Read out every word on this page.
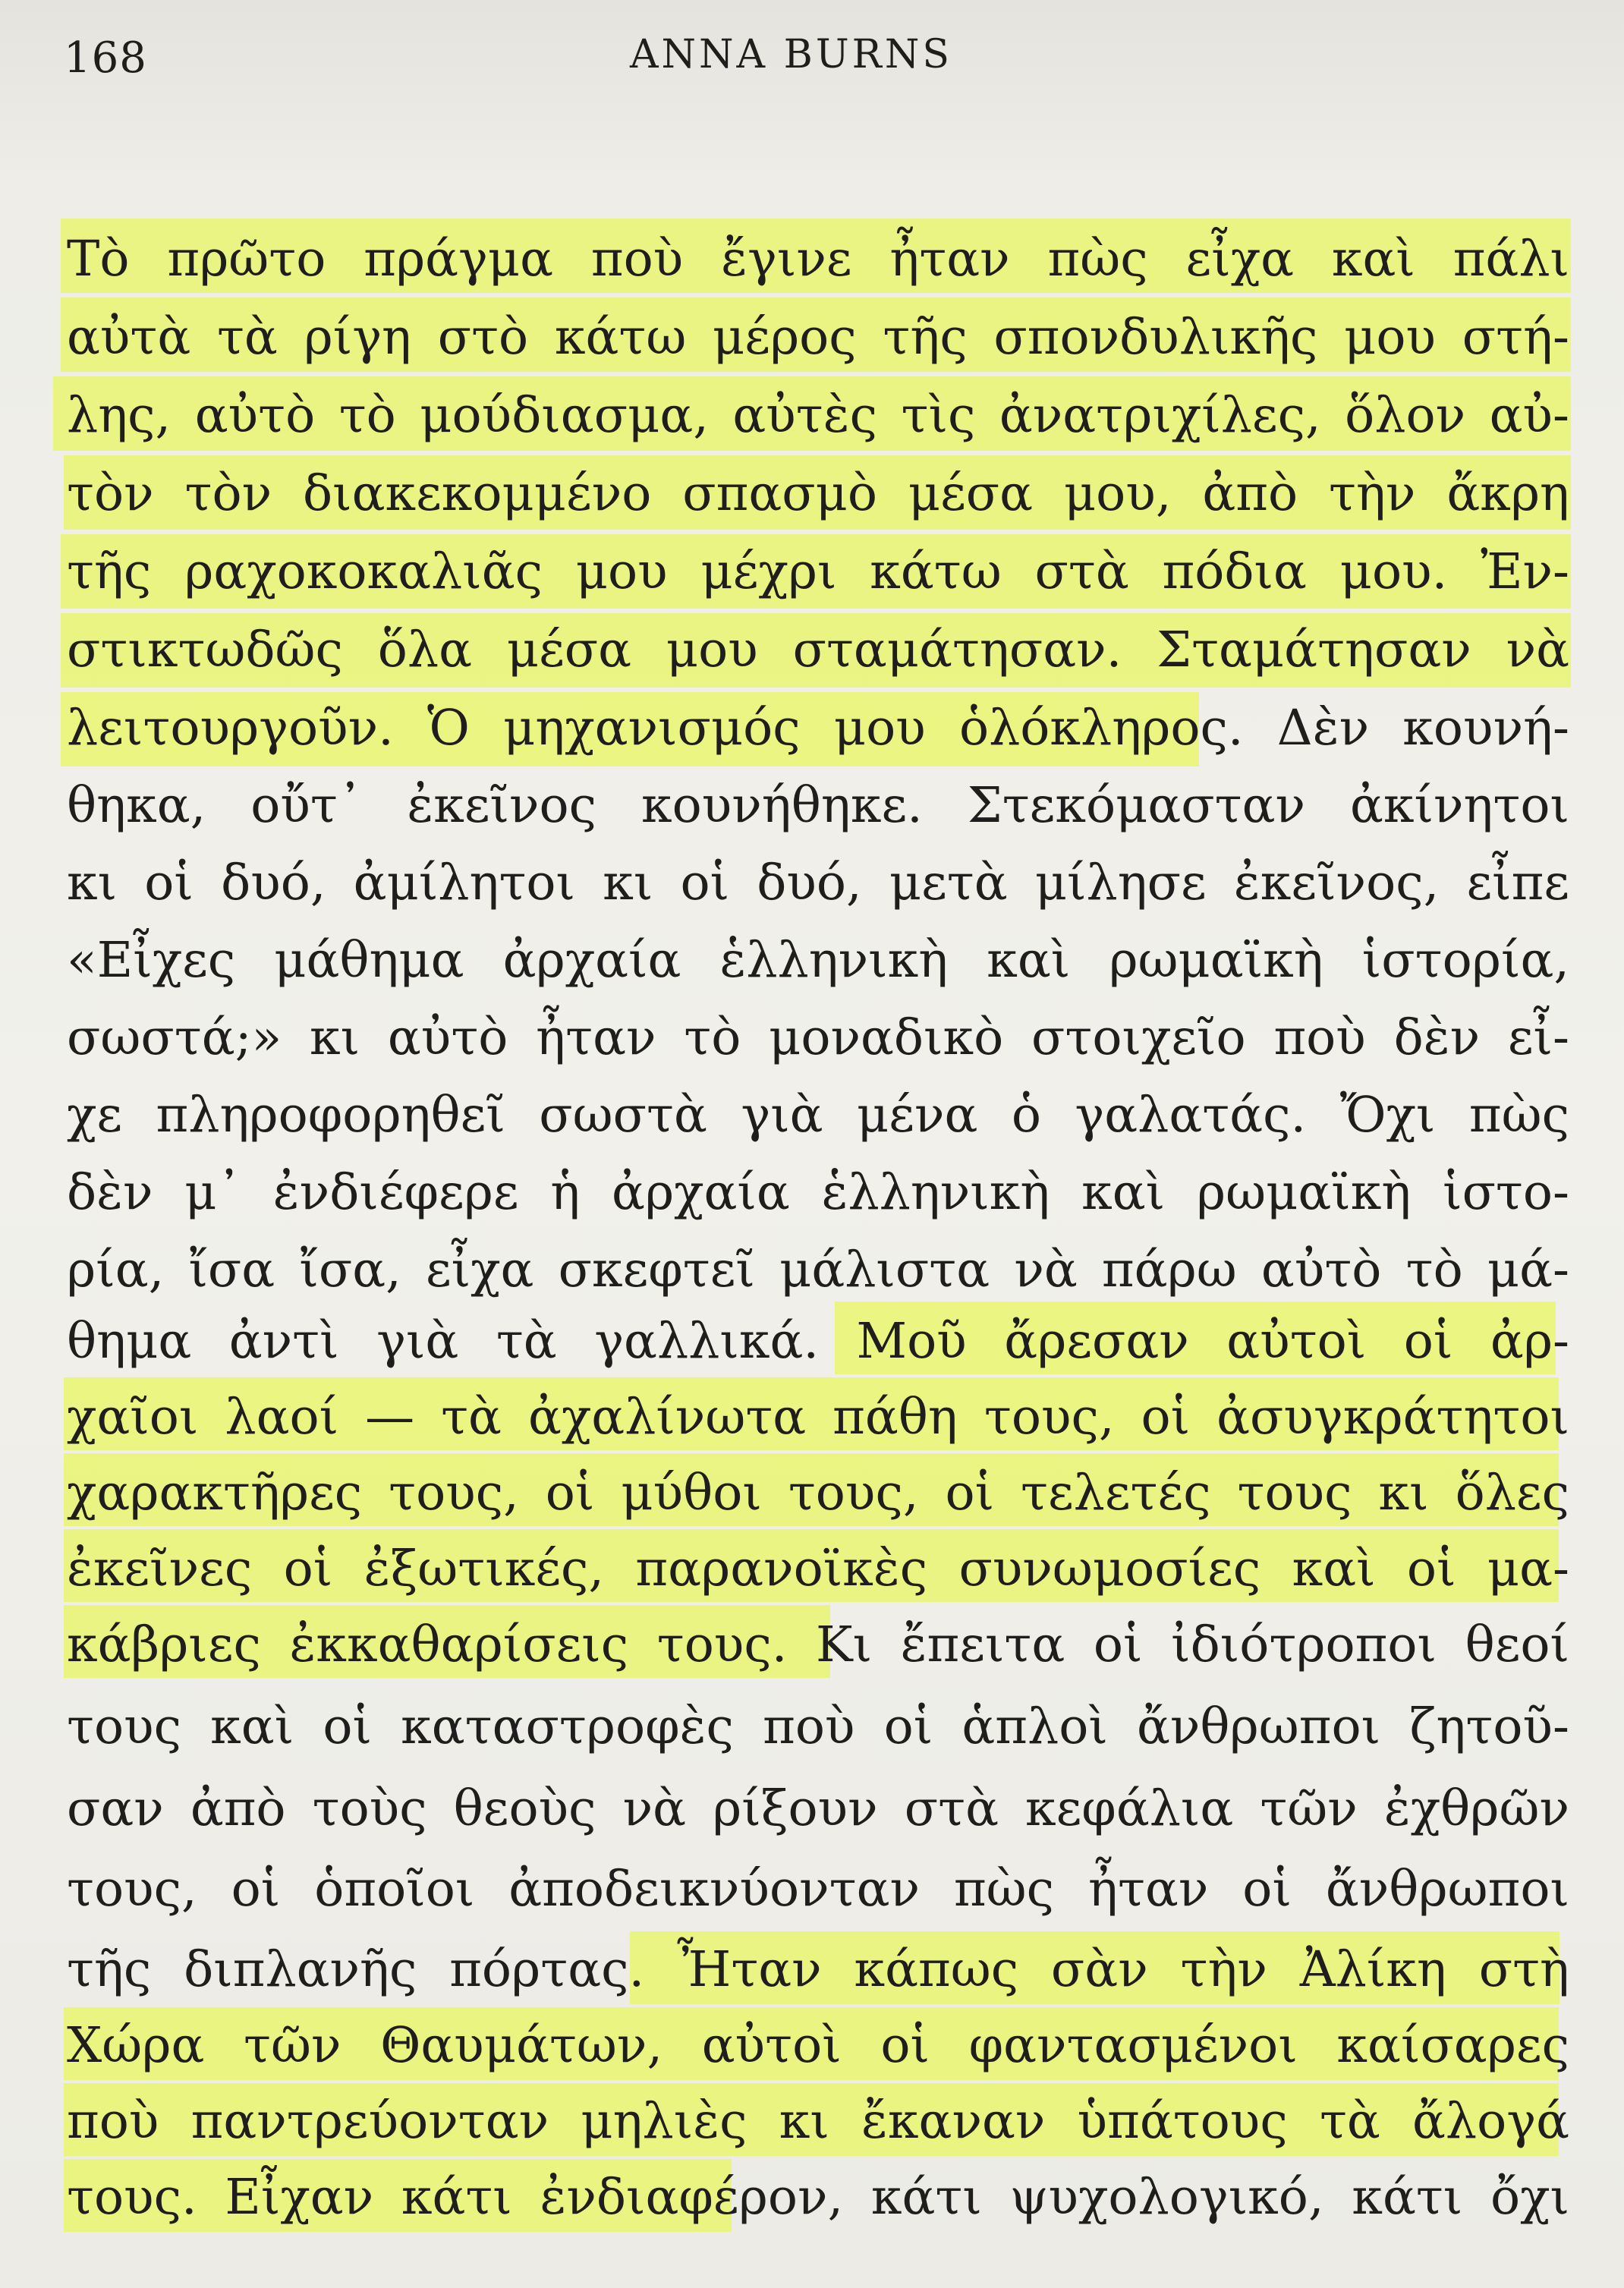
168	ANNA BURNS
Τὸ πρῶτο πράγμα ποὺ ἔγινε ἦταν πὼς εἶχα καὶ πάλι
αὐτὰ τὰ ρίγη στὸ κάτω μέρος τῆς σπονδυλικῆς μου στή-
λης, αὐτὸ τὸ μούδιασμα, αὐτὲς τὶς ἀνατριχίλες, ὅλον αὐ-
τὸν τὸν διακεκομμένο σπασμὸ μέσα μου, ἀπὸ τὴν ἄκρη
τῆς ραχοκοκαλιᾶς μου μέχρι κάτω στὰ πόδια μου. Ἐν-
στικτωδῶς ὅλα μέσα μου σταμάτησαν. Σταμάτησαν νὰ
λειτουργοῦν. Ὁ μηχανισμός μου ὁλόκληρος. Δὲν κουνή-
θηκα, οὔτ᾽ ἐκεῖνος κουνήθηκε. Στεκόμασταν ἀκίνητοι
κι οἱ δυό, ἀμίλητοι κι οἱ δυό, μετὰ μίλησε ἐκεῖνος, εἶπε
«Εἶχες μάθημα ἀρχαία ἑλληνικὴ καὶ ρωμαϊκὴ ἱστορία,
σωστά;» κι αὐτὸ ἦταν τὸ μοναδικὸ στοιχεῖο ποὺ δὲν εἶ-
χε πληροφορηθεῖ σωστὰ γιὰ μένα ὁ γαλατάς. Ὄχι πὼς
δὲν μ᾽ ἐνδιέφερε ἡ ἀρχαία ἑλληνικὴ καὶ ρωμαϊκὴ ἱστο-
ρία, ἴσα ἴσα, εἶχα σκεφτεῖ μάλιστα νὰ πάρω αὐτὸ τὸ μά-
θημα ἀντὶ γιὰ τὰ γαλλικά. Μοῦ ἄρεσαν αὐτοὶ οἱ ἀρ-
χαῖοι λαοί — τὰ ἀχαλίνωτα πάθη τους, οἱ ἀσυγκράτητοι
χαρακτῆρες τους, οἱ μύθοι τους, οἱ τελετές τους κι ὅλες
ἐκεῖνες οἱ ἐξωτικές, παρανοϊκὲς συνωμοσίες καὶ οἱ μα-
κάβριες ἐκκαθαρίσεις τους. Κι ἔπειτα οἱ ἰδιότροποι θεοί
τους καὶ οἱ καταστροφὲς ποὺ οἱ ἁπλοὶ ἄνθρωποι ζητοῦ-
σαν ἀπὸ τοὺς θεοὺς νὰ ρίξουν στὰ κεφάλια τῶν ἐχθρῶν
τους, οἱ ὁποῖοι ἀποδεικνύονταν πὼς ἦταν οἱ ἄνθρωποι
τῆς διπλανῆς πόρτας. Ἦταν κάπως σὰν τὴν Ἀλίκη στὴ
Χώρα τῶν Θαυμάτων, αὐτοὶ οἱ φαντασμένοι καίσαρες
ποὺ παντρεύονταν μηλιὲς κι ἔκαναν ὑπάτους τὰ ἄλογά
τους. Εἶχαν κάτι ἐνδιαφέρον, κάτι ψυχολογικό, κάτι ὄχι
